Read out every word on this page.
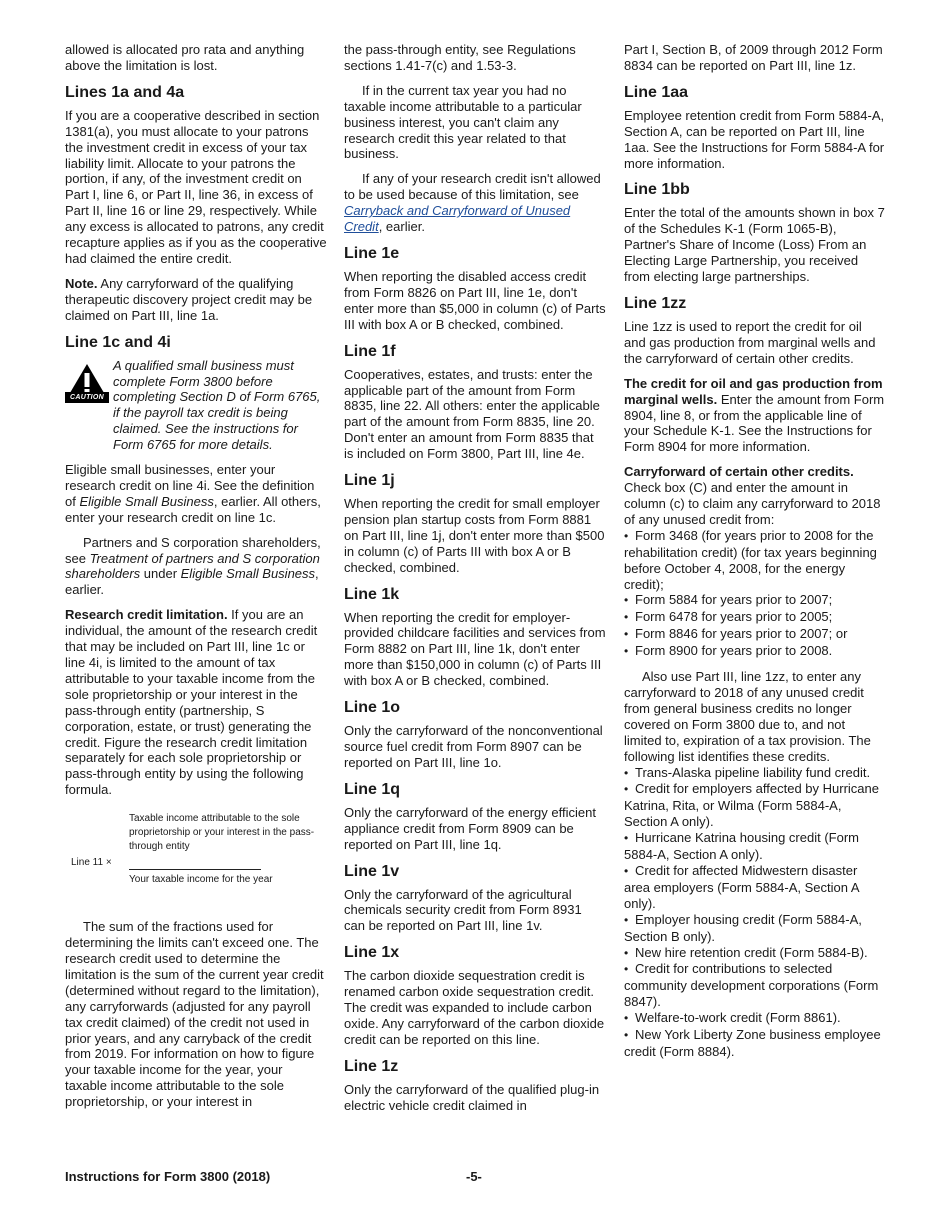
allowed is allocated pro rata and anything above the limitation is lost.

Lines 1a and 4a

If you are a cooperative described in section 1381(a), you must allocate to your patrons the investment credit in excess of your tax liability limit. Allocate to your patrons the portion, if any, of the investment credit on Part I, line 6, or Part II, line 36, in excess of Part II, line 16 or line 29, respectively. While any excess is allocated to patrons, any credit recapture applies as if you as the cooperative had claimed the entire credit.

Note. Any carryforward of the qualifying therapeutic discovery project credit may be claimed on Part III, line 1a.

Line 1c and 4i
CAUTION
A qualified small business must complete Form 3800 before completing Section D of Form 6765, if the payroll tax credit is being claimed. See the instructions for Form 6765 for more details.

Eligible small businesses, enter your research credit on line 4i. See the definition of Eligible Small Business, earlier. All others, enter your research credit on line 1c.

Partners and S corporation shareholders, see Treatment of partners and S corporation shareholders under Eligible Small Business, earlier.

Research credit limitation. If you are an individual, the amount of the research credit that may be included on Part III, line 1c or line 4i, is limited to the amount of tax attributable to your taxable income from the sole proprietorship or your interest in the pass-through entity (partnership, S corporation, estate, or trust) generating the credit. Figure the research credit limitation separately for each sole proprietorship or pass-through entity by using the following formula.

Taxable income attributable to the sole proprietorship or your interest in the pass-through entity
Line 11 ×
Your taxable income for the year

The sum of the fractions used for determining the limits can't exceed one. The research credit used to determine the limitation is the sum of the current year credit (determined without regard to the limitation), any carryforwards (adjusted for any payroll tax credit claimed) of the credit not used in prior years, and any carryback of the credit from 2019. For information on how to figure your taxable income for the year, your taxable income attributable to the sole proprietorship, or your interest in

the pass-through entity, see Regulations sections 1.41-7(c) and 1.53-3.

If in the current tax year you had no taxable income attributable to a particular business interest, you can't claim any research credit this year related to that business.

If any of your research credit isn't allowed to be used because of this limitation, see Carryback and Carryforward of Unused Credit, earlier.

Line 1e

When reporting the disabled access credit from Form 8826 on Part III, line 1e, don't enter more than $5,000 in column (c) of Parts III with box A or B checked, combined.

Line 1f

Cooperatives, estates, and trusts: enter the applicable part of the amount from Form 8835, line 22. All others: enter the applicable part of the amount from Form 8835, line 20. Don't enter an amount from Form 8835 that is included on Form 3800, Part III, line 4e.

Line 1j

When reporting the credit for small employer pension plan startup costs from Form 8881 on Part III, line 1j, don't enter more than $500 in column (c) of Parts III with box A or B checked, combined.

Line 1k

When reporting the credit for employer-provided childcare facilities and services from Form 8882 on Part III, line 1k, don't enter more than $150,000 in column (c) of Parts III with box A or B checked, combined.

Line 1o

Only the carryforward of the nonconventional source fuel credit from Form 8907 can be reported on Part III, line 1o.

Line 1q

Only the carryforward of the energy efficient appliance credit from Form 8909 can be reported on Part III, line 1q.

Line 1v

Only the carryforward of the agricultural chemicals security credit from Form 8931 can be reported on Part III, line 1v.

Line 1x

The carbon dioxide sequestration credit is renamed carbon oxide sequestration credit. The credit was expanded to include carbon oxide. Any carryforward of the carbon dioxide credit can be reported on this line.

Line 1z

Only the carryforward of the qualified plug-in electric vehicle credit claimed in

Part I, Section B, of 2009 through 2012 Form 8834 can be reported on Part III, line 1z.

Line 1aa

Employee retention credit from Form 5884-A, Section A, can be reported on Part III, line 1aa. See the Instructions for Form 5884-A for more information.

Line 1bb

Enter the total of the amounts shown in box 7 of the Schedules K-1 (Form 1065-B), Partner's Share of Income (Loss) From an Electing Large Partnership, you received from electing large partnerships.

Line 1zz

Line 1zz is used to report the credit for oil and gas production from marginal wells and the carryforward of certain other credits.

The credit for oil and gas production from marginal wells. Enter the amount from Form 8904, line 8, or from the applicable line of your Schedule K-1. See the Instructions for Form 8904 for more information.

Carryforward of certain other credits. Check box (C) and enter the amount in column (c) to claim any carryforward to 2018 of any unused credit from:

• Form 3468 (for years prior to 2008 for the rehabilitation credit) (for tax years beginning before October 4, 2008, for the energy credit);
• Form 5884 for years prior to 2007;
• Form 6478 for years prior to 2005;
• Form 8846 for years prior to 2007; or
• Form 8900 for years prior to 2008.

Also use Part III, line 1zz, to enter any carryforward to 2018 of any unused credit from general business credits no longer covered on Form 3800 due to, and not limited to, expiration of a tax provision. The following list identifies these credits.

• Trans-Alaska pipeline liability fund credit.
• Credit for employers affected by Hurricane Katrina, Rita, or Wilma (Form 5884-A, Section A only).
• Hurricane Katrina housing credit (Form 5884-A, Section A only).
• Credit for affected Midwestern disaster area employers (Form 5884-A, Section A only).
• Employer housing credit (Form 5884-A, Section B only).
• New hire retention credit (Form 5884-B).
• Credit for contributions to selected community development corporations (Form 8847).
• Welfare-to-work credit (Form 8861).
• New York Liberty Zone business employee credit (Form 8884).
Instructions for Form 3800 (2018)	-5-
